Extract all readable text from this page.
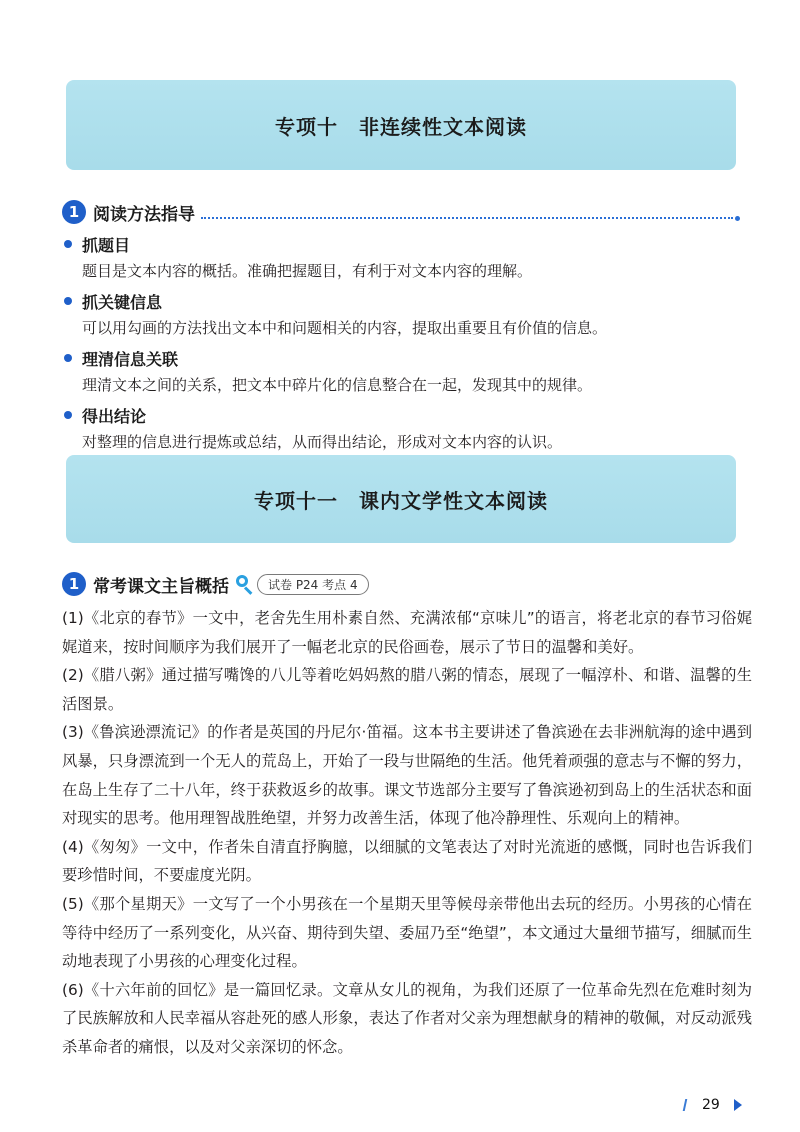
专项十　非连续性文本阅读
1 阅读方法指导
抓题目
题目是文本内容的概括。准确把握题目，有利于对文本内容的理解。
抓关键信息
可以用勾画的方法找出文本中和问题相关的内容，提取出重要且有价值的信息。
理清信息关联
理清文本之间的关系，把文本中碎片化的信息整合在一起，发现其中的规律。
得出结论
对整理的信息进行提炼或总结，从而得出结论，形成对文本内容的认识。
专项十一　课内文学性文本阅读
1 常考课文主旨概括	试卷 P24 考点 4

(1)《北京的春节》一文中，老舍先生用朴素自然、充满浓郁“京味儿”的语言，将老北京的春节习俗娓娓道来，按时间顺序为我们展开了一幅老北京的民俗画卷，展示了节日的温馨和美好。

(2)《腊八粥》通过描写嘴馋的八儿等着吃妈妈熬的腊八粥的情态，展现了一幅淳朴、和谐、温馨的生活图景。

(3)《鲁滨逊漂流记》的作者是英国的丹尼尔·笛福。这本书主要讲述了鲁滨逊在去非洲航海的途中遇到风暴，只身漂流到一个无人的荒岛上，开始了一段与世隔绝的生活。他凭着顽强的意志与不懈的努力，在岛上生存了二十八年，终于获救返乡的故事。课文节选部分主要写了鲁滨逊初到岛上的生活状态和面对现实的思考。他用理智战胜绝望，并努力改善生活，体现了他冷静理性、乐观向上的精神。

(4)《匆匆》一文中，作者朱自清直抒胸臆，以细腻的文笔表达了对时光流逝的感慨，同时也告诉我们要珍惜时间，不要虚度光阴。

(5)《那个星期天》一文写了一个小男孩在一个星期天里等候母亲带他出去玩的经历。小男孩的心情在等待中经历了一系列变化，从兴奋、期待到失望、委屈乃至“绝望”，本文通过大量细节描写，细腻而生动地表现了小男孩的心理变化过程。

(6)《十六年前的回忆》是一篇回忆录。文章从女儿的视角，为我们还原了一位革命先烈在危难时刻为了民族解放和人民幸福从容赴死的感人形象，表达了作者对父亲为理想献身的精神的敬佩，对反动派残杀革命者的痛恨，以及对父亲深切的怀念。

29
